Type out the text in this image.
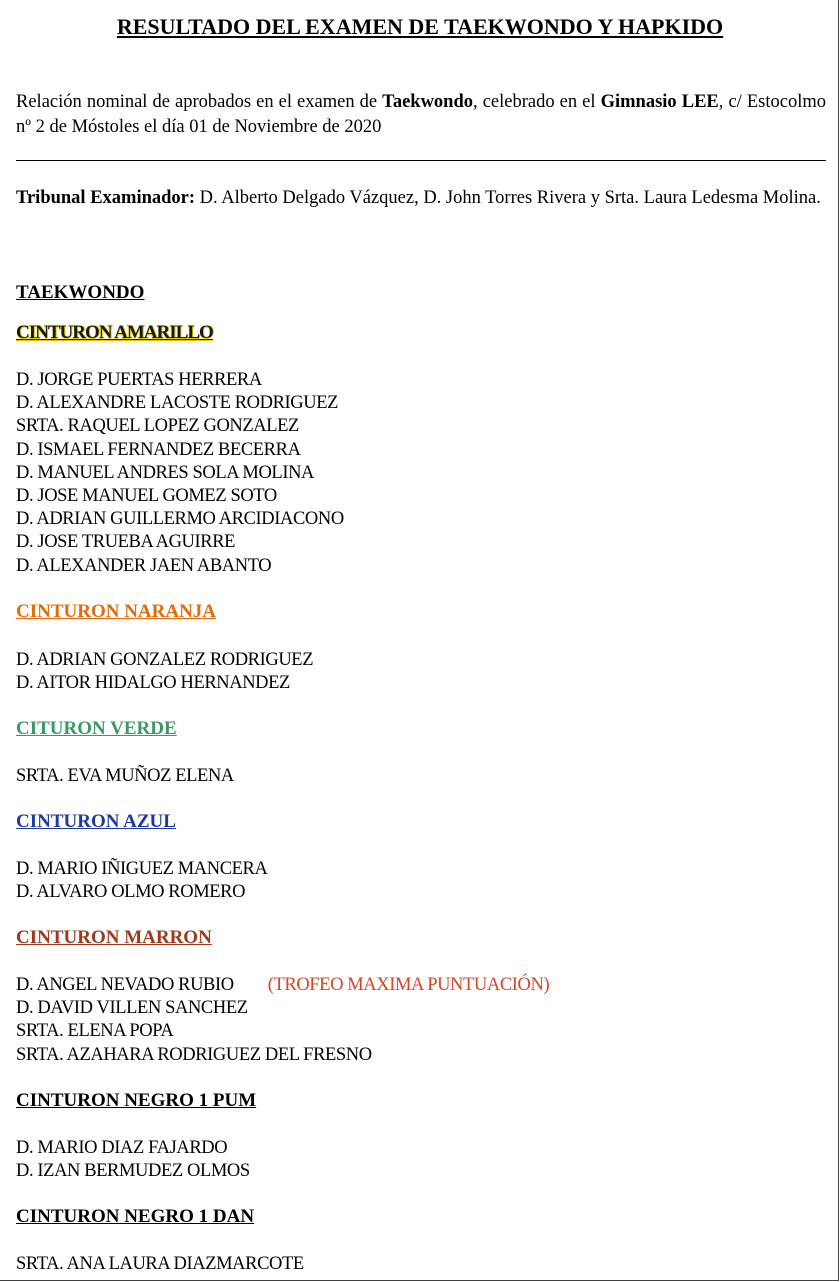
RESULTADO DEL EXAMEN DE TAEKWONDO Y HAPKIDO
Relación nominal de aprobados en el examen de Taekwondo, celebrado en el Gimnasio LEE, c/ Estocolmo nº 2 de Móstoles el día 01 de Noviembre de 2020
Tribunal Examinador: D. Alberto Delgado Vázquez, D. John Torres Rivera y Srta. Laura Ledesma Molina.
TAEKWONDO
CINTURON AMARILLO
D. JORGE PUERTAS HERRERA
D. ALEXANDRE LACOSTE RODRIGUEZ
SRTA. RAQUEL LOPEZ GONZALEZ
D. ISMAEL FERNANDEZ BECERRA
D. MANUEL ANDRES SOLA MOLINA
D. JOSE MANUEL GOMEZ SOTO
D. ADRIAN GUILLERMO ARCIDIACONO
D. JOSE TRUEBA AGUIRRE
D. ALEXANDER JAEN ABANTO
CINTURON NARANJA
D. ADRIAN GONZALEZ RODRIGUEZ
D. AITOR HIDALGO HERNANDEZ
CITURON VERDE
SRTA. EVA MUÑOZ ELENA
CINTURON AZUL
D. MARIO IÑIGUEZ MANCERA
D. ALVARO OLMO ROMERO
CINTURON MARRON
D. ANGEL NEVADO RUBIO (TROFEO MAXIMA PUNTUACIÓN)
D. DAVID VILLEN SANCHEZ
SRTA. ELENA POPA
SRTA. AZAHARA RODRIGUEZ DEL FRESNO
CINTURON NEGRO 1 PUM
D. MARIO DIAZ FAJARDO
D. IZAN BERMUDEZ OLMOS
CINTURON NEGRO 1 DAN
SRTA. ANA LAURA DIAZMARCOTE
